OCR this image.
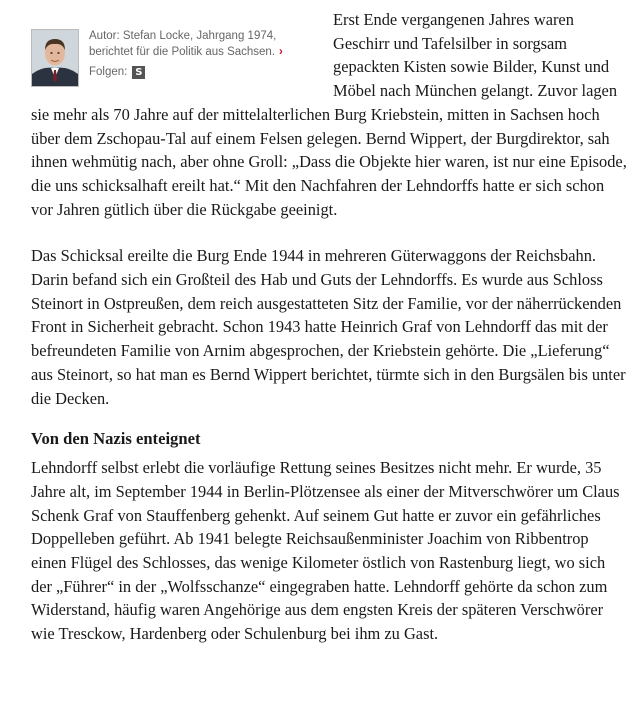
Autor: Stefan Locke, Jahrgang 1974,
berichtet für die Politik aus Sachsen. ›
Folgen: S

Erst Ende vergangenen Jahres waren Geschirr und Tafelsilber in sorgsam gepackten Kisten sowie Bilder, Kunst und Möbel nach München gelangt. Zuvor lagen sie mehr als 70 Jahre auf der mittelalterlichen Burg Kriebstein, mitten in Sachsen hoch über dem Zschopau-Tal auf einem Felsen gelegen. Bernd Wippert, der Burgdirektor, sah ihnen wehmütig nach, aber ohne Groll: „Dass die Objekte hier waren, ist nur eine Episode, die uns schicksalhaft ereilt hat.“ Mit den Nachfahren der Lehndorffs hatte er sich schon vor Jahren gütlich über die Rückgabe geeinigt.

Das Schicksal ereilte die Burg Ende 1944 in mehreren Güterwaggons der Reichsbahn. Darin befand sich ein Großteil des Hab und Guts der Lehndorffs. Es wurde aus Schloss Steinort in Ostpreußen, dem reich ausgestatteten Sitz der Familie, vor der näherrückenden Front in Sicherheit gebracht. Schon 1943 hatte Heinrich Graf von Lehndorff das mit der befreundeten Familie von Arnim abgesprochen, der Kriebstein gehörte. Die „Lieferung“ aus Steinort, so hat man es Bernd Wippert berichtet, türmte sich in den Burgsälen bis unter die Decken.

Von den Nazis enteignet

Lehndorff selbst erlebt die vorläufige Rettung seines Besitzes nicht mehr. Er wurde, 35 Jahre alt, im September 1944 in Berlin-Plötzensee als einer der Mitverschwörer um Claus Schenk Graf von Stauffenberg gehenkt. Auf seinem Gut hatte er zuvor ein gefährliches Doppelleben geführt. Ab 1941 belegte Reichsaußenminister Joachim von Ribbentrop einen Flügel des Schlosses, das wenige Kilometer östlich von Rastenburg liegt, wo sich der „Führer“ in der „Wolfsschanze“ eingegraben hatte. Lehndorff gehörte da schon zum Widerstand, häufig waren Angehörige aus dem engsten Kreis der späteren Verschwörer wie Tresckow, Hardenberg oder Schulenburg bei ihm zu Gast.
